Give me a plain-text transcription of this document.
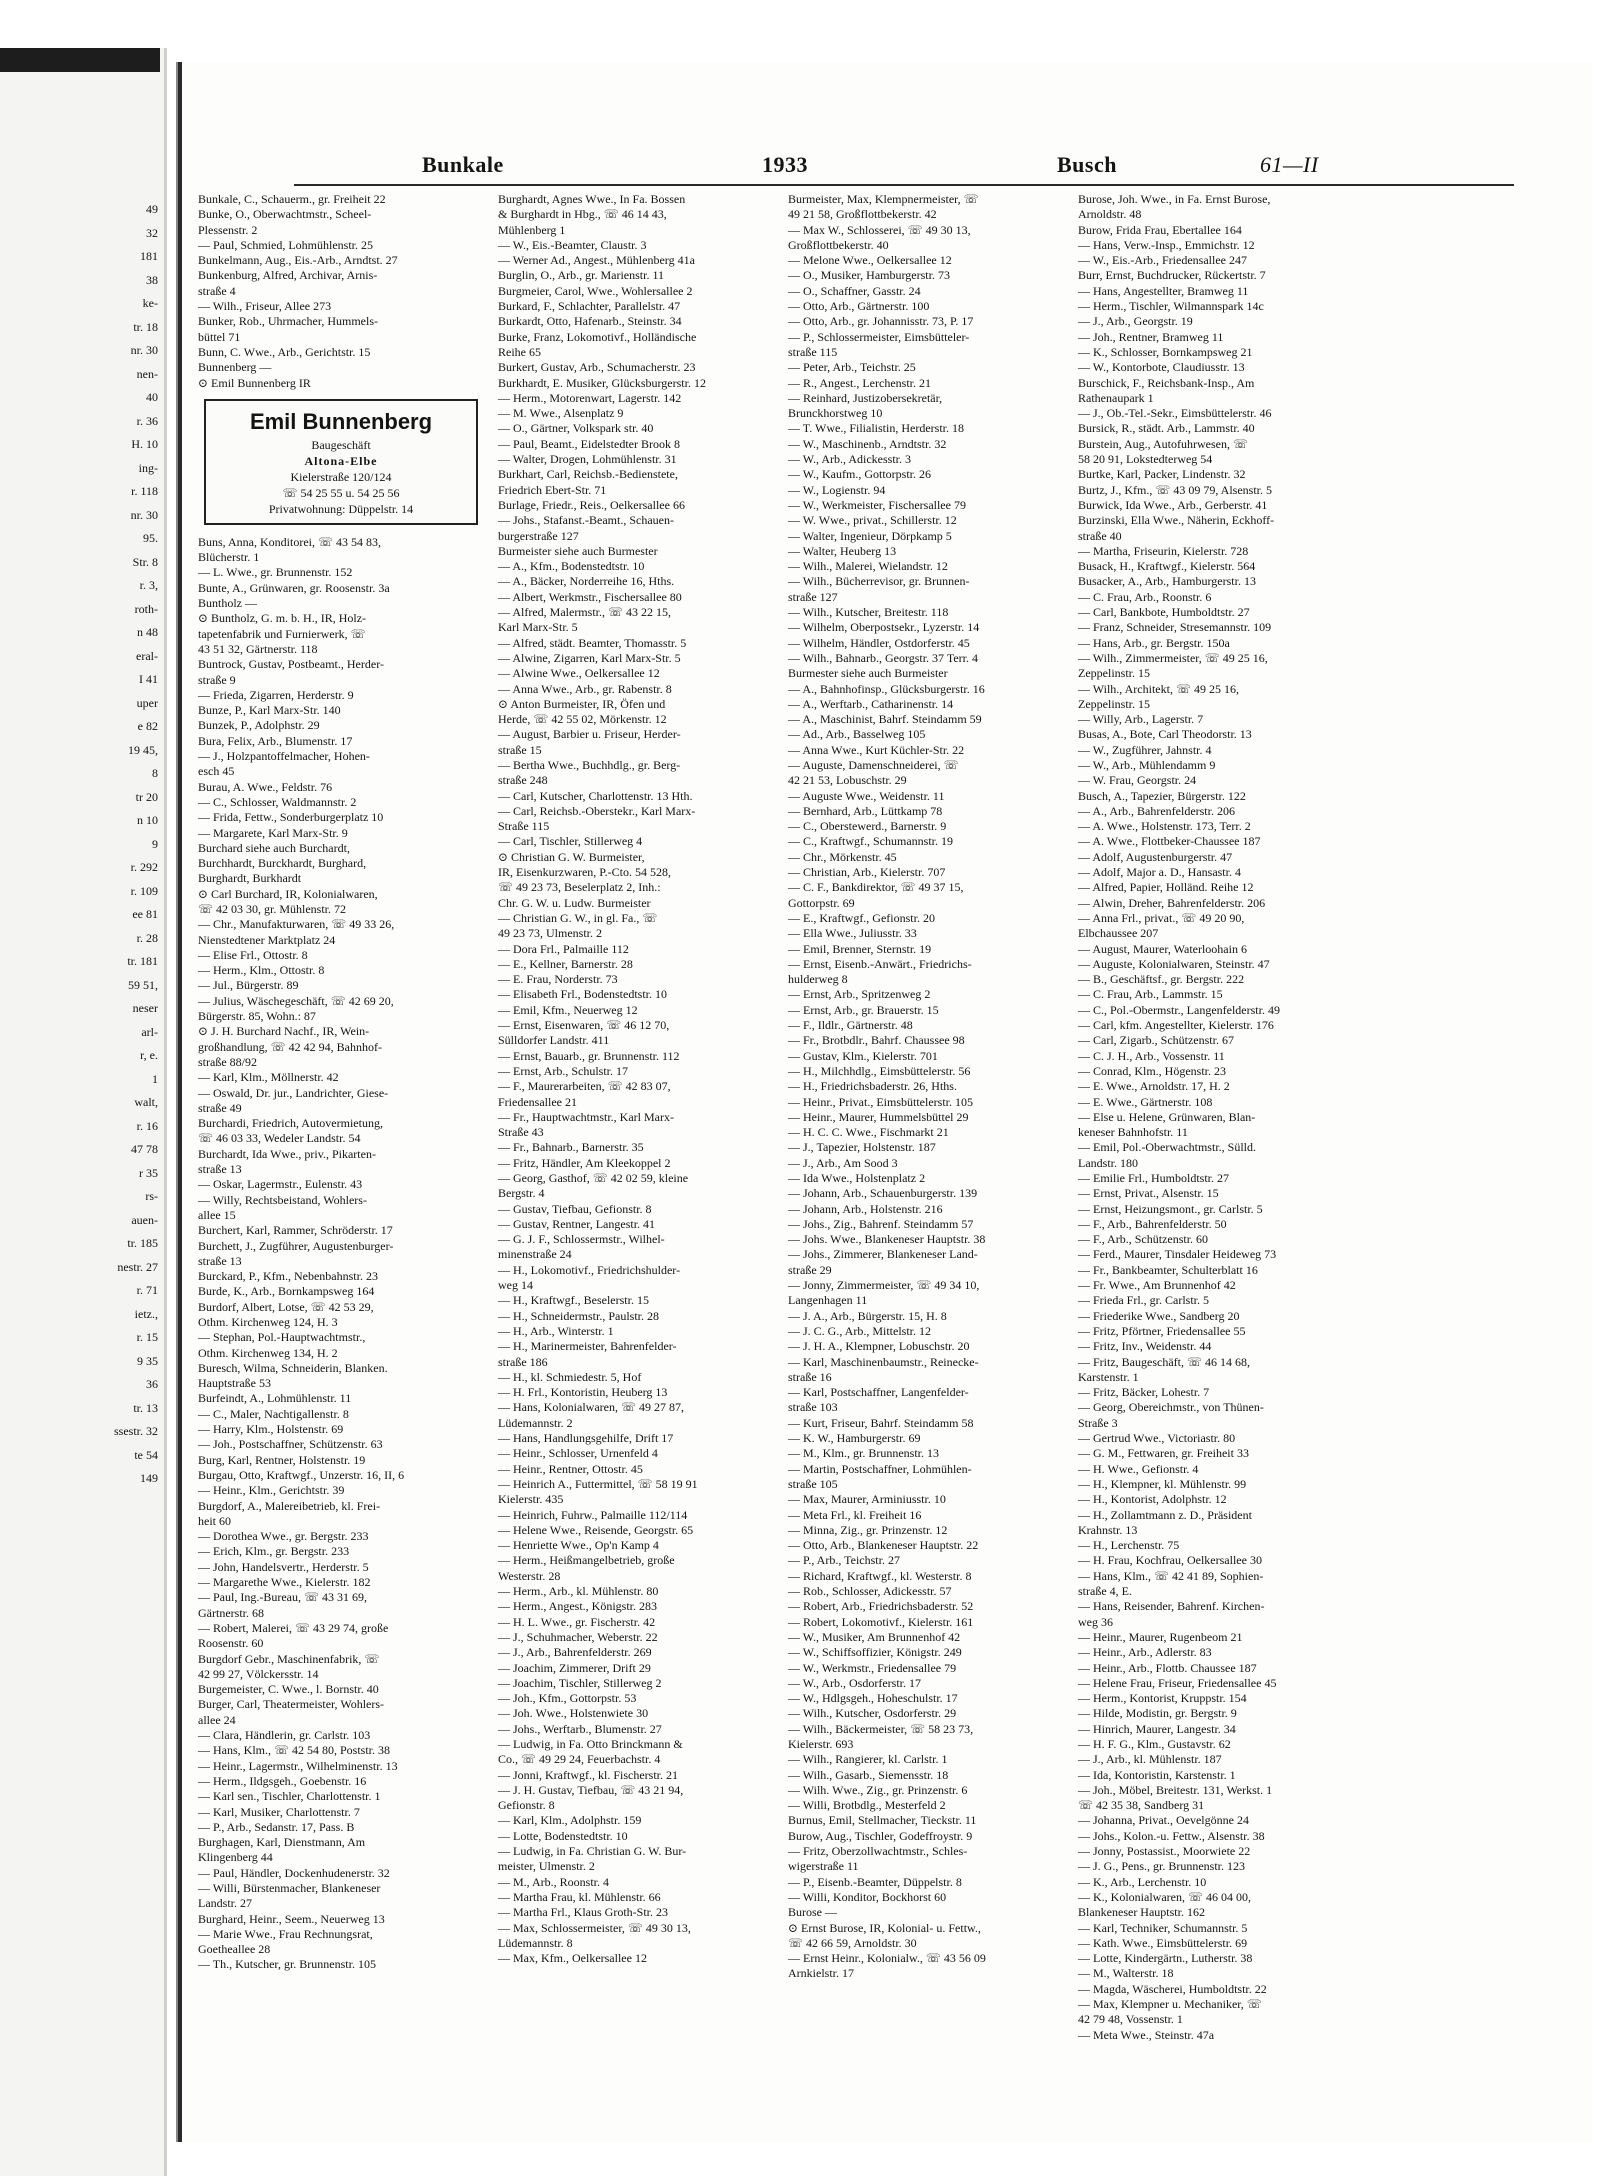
49
32
181
38
ke-
tr. 18
nr. 30
nen-
40
r. 36
H. 10
ing-
r. 118
nr. 30
95.
Str. 8
r. 3,
roth-
n 48
eral-
I 41
uper
e 82
19 45,
8
tr 20
n 10
9
r. 292
r. 109
ee 81
r. 28
tr. 181
59 51,
neser
arl-
r, e.
1
walt,
r. 16
47 78
r 35
rs-
auen-
tr. 185
nestr. 27
r. 71
ietz.,
r. 15
9 35
36
tr. 13
ssestr. 32
te 54
149
Bunkale	1933	Busch	61—II
Bunkale, C., Schauerm., gr. Freiheit 22
Bunke, O., Oberwachtmstr., Scheel-
Plessenstr. 2
— Paul, Schmied, Lohmühlenstr. 25
Bunkelmann, Aug., Eis.-Arb., Arndtst. 27
Bunkenburg, Alfred, Archivar, Arnis-
straße 4
— Wilh., Friseur, Allee 273
Bunker, Rob., Uhrmacher, Hummels-
büttel 71
Bunn, C. Wwe., Arb., Gerichtstr. 15
Bunnenberg —
⊙ Emil Bunnenberg IR
Emil Bunnenberg
Baugeschäft
Altona-Elbe
Kielerstraße 120/124
☏ 54 25 55 u. 54 25 56
Privatwohnung: Düppelstr. 14
Buns, Anna, Konditorei, ☏ 43 54 83,
Blücherstr. 1
— L. Wwe., gr. Brunnenstr. 152
Bunte, A., Grünwaren, gr. Roosenstr. 3a
Buntholz —
⊙ Buntholz, G. m. b. H., IR, Holz-
tapetenfabrik und Furnierwerk, ☏
43 51 32, Gärtnerstr. 118
Buntrock, Gustav, Postbeamt., Herder-
straße 9
— Frieda, Zigarren, Herderstr. 9
Bunze, P., Karl Marx-Str. 140
Bunzek, P., Adolphstr. 29
Bura, Felix, Arb., Blumenstr. 17
— J., Holzpantoffelmacher, Hohen-
esch 45
Burau, A. Wwe., Feldstr. 76
— C., Schlosser, Waldmannstr. 2
— Frida, Fettw., Sonderburgerplatz 10
— Margarete, Karl Marx-Str. 9
Burchard siehe auch Burchardt,
Burchhardt, Burckhardt, Burghard,
Burghardt, Burkhardt
⊙ Carl Burchard, IR, Kolonialwaren,
☏ 42 03 30, gr. Mühlenstr. 72
— Chr., Manufakturwaren, ☏ 49 33 26,
Nienstedtener Marktplatz 24
— Elise Frl., Ottostr. 8
— Herm., Klm., Ottostr. 8
— Jul., Bürgerstr. 89
— Julius, Wäschegeschäft, ☏ 42 69 20,
Bürgerstr. 85, Wohn.: 87
⊙ J. H. Burchard Nachf., IR, Wein-
großhandlung, ☏ 42 42 94, Bahnhof-
straße 88/92
— Karl, Klm., Möllnerstr. 42
— Oswald, Dr. jur., Landrichter, Giese-
straße 49
Burchardi, Friedrich, Autovermietung,
☏ 46 03 33, Wedeler Landstr. 54
Burchardt, Ida Wwe., priv., Pikarten-
straße 13
— Oskar, Lagermstr., Eulenstr. 43
— Willy, Rechtsbeistand, Wohlers-
allee 15
Burchert, Karl, Rammer, Schröderstr. 17
Burchett, J., Zugführer, Augustenburger-
straße 13
Burckard, P., Kfm., Nebenbahnstr. 23
Burde, K., Arb., Bornkampsweg 164
Burdorf, Albert, Lotse, ☏ 42 53 29,
Othm. Kirchenweg 124, H. 3
— Stephan, Pol.-Hauptwachtmstr.,
Othm. Kirchenweg 134, H. 2
Buresch, Wilma, Schneiderin, Blanken.
Hauptstraße 53
Burfeindt, A., Lohmühlenstr. 11
— C., Maler, Nachtigallenstr. 8
— Harry, Klm., Holstenstr. 69
— Joh., Postschaffner, Schützenstr. 63
Burg, Karl, Rentner, Holstenstr. 19
Burgau, Otto, Kraftwgf., Unzerstr. 16, II, 6
— Heinr., Klm., Gerichtstr. 39
Burgdorf, A., Malereibetrieb, kl. Frei-
heit 60
— Dorothea Wwe., gr. Bergstr. 233
— Erich, Klm., gr. Bergstr. 233
— John, Handelsvertr., Herderstr. 5
— Margarethe Wwe., Kielerstr. 182
— Paul, Ing.-Bureau, ☏ 43 31 69,
Gärtnerstr. 68
— Robert, Malerei, ☏ 43 29 74, große
Roosenstr. 60
Burgdorf Gebr., Maschinenfabrik, ☏
42 99 27, Völckersstr. 14
Burgemeister, C. Wwe., l. Bornstr. 40
Burger, Carl, Theatermeister, Wohlers-
allee 24
— Clara, Händlerin, gr. Carlstr. 103
— Hans, Klm., ☏ 42 54 80, Poststr. 38
— Heinr., Lagermstr., Wilhelminenstr. 13
— Herm., Ildgsgeh., Goebenstr. 16
— Karl sen., Tischler, Charlottenstr. 1
— Karl, Musiker, Charlottenstr. 7
— P., Arb., Sedanstr. 17, Pass. B
Burghagen, Karl, Dienstmann, Am
Klingenberg 44
— Paul, Händler, Dockenhudenerstr. 32
— Willi, Bürstenmacher, Blankeneser
Landstr. 27
Burghard, Heinr., Seem., Neuerweg 13
— Marie Wwe., Frau Rechnungsrat,
Goetheallee 28
— Th., Kutscher, gr. Brunnenstr. 105
Burghardt, Agnes Wwe., In Fa. Bossen
& Burghardt in Hbg., ☏ 46 14 43,
Mühlenberg 1
— W., Eis.-Beamter, Claustr. 3
— Werner Ad., Angest., Mühlenberg 41a
Burglin, O., Arb., gr. Marienstr. 11
Burgmeier, Carol, Wwe., Wohlersallee 2
Burkard, F., Schlachter, Parallelstr. 47
Burkardt, Otto, Hafenarb., Steinstr. 34
Burke, Franz, Lokomotivf., Holländische
Reihe 65
Burkert, Gustav, Arb., Schumacherstr. 23
Burkhardt, E. Musiker, Glücksburgerstr. 12
— Herm., Motorenwart, Lagerstr. 142
— M. Wwe., Alsenplatz 9
— O., Gärtner, Volkspark str. 40
— Paul, Beamt., Eidelstedter Brook 8
— Walter, Drogen, Lohmühlenstr. 31
Burkhart, Carl, Reichsb.-Bedienstete,
Friedrich Ebert-Str. 71
Burlage, Friedr., Reis., Oelkersallee 66
— Johs., Stafanst.-Beamt., Schauen-
burgerstraße 127
Burmeister siehe auch Burmester
— A., Kfm., Bodenstedtstr. 10
— A., Bäcker, Norderreihe 16, Hths.
— Albert, Werkmstr., Fischersallee 80
— Alfred, Malermstr., ☏ 43 22 15,
Karl Marx-Str. 5
— Alfred, städt. Beamter, Thomasstr. 5
— Alwine, Zigarren, Karl Marx-Str. 5
— Alwine Wwe., Oelkersallee 12
— Anna Wwe., Arb., gr. Rabenstr. 8
⊙ Anton Burmeister, IR, Öfen und
Herde, ☏ 42 55 02, Mörkenstr. 12
— August, Barbier u. Friseur, Herder-
straße 15
— Bertha Wwe., Buchhdlg., gr. Berg-
straße 248
— Carl, Kutscher, Charlottenstr. 13 Hth.
— Carl, Reichsb.-Oberstekr., Karl Marx-
Straße 115
— Carl, Tischler, Stillerweg 4
⊙ Christian G. W. Burmeister,
IR, Eisenkurzwaren, P.-Cto. 54 528,
☏ 49 23 73, Beselerplatz 2, Inh.:
Chr. G. W. u. Ludw. Burmeister
— Christian G. W., in gl. Fa., ☏
49 23 73, Ulmenstr. 2
— Dora Frl., Palmaille 112
— E., Kellner, Barnerstr. 28
— E. Frau, Norderstr. 73
— Elisabeth Frl., Bodenstedtstr. 10
— Emil, Kfm., Neuerweg 12
— Ernst, Eisenwaren, ☏ 46 12 70,
Sülldorfer Landstr. 411
— Ernst, Bauarb., gr. Brunnenstr. 112
— Ernst, Arb., Schulstr. 17
— F., Maurerarbeiten, ☏ 42 83 07,
Friedensallee 21
— Fr., Hauptwachtmstr., Karl Marx-
Straße 43
— Fr., Bahnarb., Barnerstr. 35
— Fritz, Händler, Am Kleekoppel 2
— Georg, Gasthof, ☏ 42 02 59, kleine
Bergstr. 4
— Gustav, Tiefbau, Gefionstr. 8
— Gustav, Rentner, Langestr. 41
— G. J. F., Schlossermstr., Wilhel-
minenstraße 24
— H., Lokomotivf., Friedrichshulder-
weg 14
— H., Kraftwgf., Beselerstr. 15
— H., Schneidermstr., Paulstr. 28
— H., Arb., Winterstr. 1
— H., Marinermeister, Bahrenfelder-
straße 186
— H., kl. Schmiedestr. 5, Hof
— H. Frl., Kontoristin, Heuberg 13
— Hans, Kolonialwaren, ☏ 49 27 87,
Lüdemannstr. 2
— Hans, Handlungsgehilfe, Drift 17
— Heinr., Schlosser, Urnenfeld 4
— Heinr., Rentner, Ottostr. 45
— Heinrich A., Futtermittel, ☏ 58 19 91
Kielerstr. 435
— Heinrich, Fuhrw., Palmaille 112/114
— Helene Wwe., Reisende, Georgstr. 65
— Henriette Wwe., Op'n Kamp 4
— Herm., Heißmangelbetrieb, große
Westerstr. 28
— Herm., Arb., kl. Mühlenstr. 80
— Herm., Angest., Königstr. 283
— H. L. Wwe., gr. Fischerstr. 42
— J., Schuhmacher, Weberstr. 22
— J., Arb., Bahrenfelderstr. 269
— Joachim, Zimmerer, Drift 29
— Joachim, Tischler, Stillerweg 2
— Joh., Kfm., Gottorpstr. 53
— Joh. Wwe., Holstenwiete 30
— Johs., Werftarb., Blumenstr. 27
— Ludwig, in Fa. Otto Brinckmann &
Co., ☏ 49 29 24, Feuerbachstr. 4
— Jonni, Kraftwgf., kl. Fischerstr. 21
— J. H. Gustav, Tiefbau, ☏ 43 21 94,
Gefionstr. 8
— Karl, Klm., Adolphstr. 159
— Lotte, Bodenstedtstr. 10
— Ludwig, in Fa. Christian G. W. Bur-
meister, Ulmenstr. 2
— M., Arb., Roonstr. 4
— Martha Frau, kl. Mühlenstr. 66
— Martha Frl., Klaus Groth-Str. 23
— Max, Schlossermeister, ☏ 49 30 13,
Lüdemannstr. 8
— Max, Kfm., Oelkersallee 12
Burmeister, Max, Klempnermeister, ☏
49 21 58, Großflottbekerstr. 42
— Max W., Schlosserei, ☏ 49 30 13,
Großflottbekerstr. 40
— Melone Wwe., Oelkersallee 12
— O., Musiker, Hamburgerstr. 73
— O., Schaffner, Gasstr. 24
— Otto, Arb., Gärtnerstr. 100
— Otto, Arb., gr. Johannisstr. 73, P. 17
— P., Schlossermeister, Eimsbütteler-
straße 115
— Peter, Arb., Teichstr. 25
— R., Angest., Lerchenstr. 21
— Reinhard, Justizobersekretär,
Brunckhorstweg 10
— T. Wwe., Filialistin, Herderstr. 18
— W., Maschinenb., Arndtstr. 32
— W., Arb., Adickesstr. 3
— W., Kaufm., Gottorpstr. 26
— W., Logienstr. 94
— W., Werkmeister, Fischersallee 79
— W. Wwe., privat., Schillerstr. 12
— Walter, Ingenieur, Dörpkamp 5
— Walter, Heuberg 13
— Wilh., Malerei, Wielandstr. 12
— Wilh., Bücherrevisor, gr. Brunnen-
straße 127
— Wilh., Kutscher, Breitestr. 118
— Wilhelm, Oberpostsekr., Lyzerstr. 14
— Wilhelm, Händler, Ostdorferstr. 45
— Wilh., Bahnarb., Georgstr. 37 Terr. 4
Burmester siehe auch Burmeister
— A., Bahnhofinsp., Glücksburgerstr. 16
— A., Werftarb., Catharinenstr. 14
— A., Maschinist, Bahrf. Steindamm 59
— Ad., Arb., Basselweg 105
— Anna Wwe., Kurt Küchler-Str. 22
— Auguste, Damenschneiderei, ☏
42 21 53, Lobuschstr. 29
— Auguste Wwe., Weidenstr. 11
— Bernhard, Arb., Lüttkamp 78
— C., Oberstewerd., Barnerstr. 9
— C., Kraftwgf., Schumannstr. 19
— Chr., Mörkenstr. 45
— Christian, Arb., Kielerstr. 707
— C. F., Bankdirektor, ☏ 49 37 15,
Gottorpstr. 69
— E., Kraftwgf., Gefionstr. 20
— Ella Wwe., Juliusstr. 33
— Emil, Brenner, Sternstr. 19
— Ernst, Eisenb.-Anwärt., Friedrichs-
hulderweg 8
— Ernst, Arb., Spritzenweg 2
— Ernst, Arb., gr. Brauerstr. 15
— F., Ildlr., Gärtnerstr. 48
— Fr., Brotbdlr., Bahrf. Chaussee 98
— Gustav, Klm., Kielerstr. 701
— H., Milchhdlg., Eimsbüttelerstr. 56
— H., Friedrichsbaderstr. 26, Hths.
— Heinr., Privat., Eimsbüttelerstr. 105
— Heinr., Maurer, Hummelsbüttel 29
— H. C. C. Wwe., Fischmarkt 21
— J., Tapezier, Holstenstr. 187
— J., Arb., Am Sood 3
— Ida Wwe., Holstenplatz 2
— Johann, Arb., Schauenburgerstr. 139
— Johann, Arb., Holstenstr. 216
— Johs., Zig., Bahrenf. Steindamm 57
— Johs. Wwe., Blankeneser Hauptstr. 38
— Johs., Zimmerer, Blankeneser Land-
straße 29
— Jonny, Zimmermeister, ☏ 49 34 10,
Langenhagen 11
— J. A., Arb., Bürgerstr. 15, H. 8
— J. C. G., Arb., Mittelstr. 12
— J. H. A., Klempner, Lobuschstr. 20
— Karl, Maschinenbaumstr., Reinecke-
straße 16
— Karl, Postschaffner, Langenfelder-
straße 103
— Kurt, Friseur, Bahrf. Steindamm 58
— K. W., Hamburgerstr. 69
— M., Klm., gr. Brunnenstr. 13
— Martin, Postschaffner, Lohmühlen-
straße 105
— Max, Maurer, Arminiusstr. 10
— Meta Frl., kl. Freiheit 16
— Minna, Zig., gr. Prinzenstr. 12
— Otto, Arb., Blankeneser Hauptstr. 22
— P., Arb., Teichstr. 27
— Richard, Kraftwgf., kl. Westerstr. 8
— Rob., Schlosser, Adickesstr. 57
— Robert, Arb., Friedrichsbaderstr. 52
— Robert, Lokomotivf., Kielerstr. 161
— W., Musiker, Am Brunnenhof 42
— W., Schiffsoffizier, Königstr. 249
— W., Werkmstr., Friedensallee 79
— W., Arb., Osdorferstr. 17
— W., Hdlgsgeh., Hoheschulstr. 17
— Wilh., Kutscher, Osdorferstr. 29
— Wilh., Bäckermeister, ☏ 58 23 73,
Kielerstr. 693
— Wilh., Rangierer, kl. Carlstr. 1
— Wilh., Gasarb., Siemensstr. 18
— Wilh. Wwe., Zig., gr. Prinzenstr. 6
— Willi, Brotbdlg., Mesterfeld 2
Burnus, Emil, Stellmacher, Tieckstr. 11
Burow, Aug., Tischler, Godeffroystr. 9
— Fritz, Oberzollwachtmstr., Schles-
wigerstraße 11
— P., Eisenb.-Beamter, Düppelstr. 8
— Willi, Konditor, Bockhorst 60
Burose —
⊙ Ernst Burose, IR, Kolonial- u. Fettw.,
☏ 42 66 59, Arnoldstr. 30
— Ernst Heinr., Kolonialw., ☏ 43 56 09
Arnkielstr. 17
Burose, Joh. Wwe., in Fa. Ernst Burose,
Arnoldstr. 48
Burow, Frida Frau, Ebertallee 164
— Hans, Verw.-Insp., Emmichstr. 12
— W., Eis.-Arb., Friedensallee 247
Burr, Ernst, Buchdrucker, Rückertstr. 7
— Hans, Angestellter, Bramweg 11
— Herm., Tischler, Wilmannspark 14c
— J., Arb., Georgstr. 19
— Joh., Rentner, Bramweg 11
— K., Schlosser, Bornkampsweg 21
— W., Kontorbote, Claudiusstr. 13
Burschick, F., Reichsbank-Insp., Am
Rathenaupark 1
— J., Ob.-Tel.-Sekr., Eimsbüttelerstr. 46
Bursick, R., städt. Arb., Lammstr. 40
Burstein, Aug., Autofuhrwesen, ☏
58 20 91, Lokstedterweg 54
Burtke, Karl, Packer, Lindenstr. 32
Burtz, J., Kfm., ☏ 43 09 79, Alsenstr. 5
Burwick, Ida Wwe., Arb., Gerberstr. 41
Burzinski, Ella Wwe., Näherin, Eckhoff-
straße 40
— Martha, Friseurin, Kielerstr. 728
Busack, H., Kraftwgf., Kielerstr. 564
Busacker, A., Arb., Hamburgerstr. 13
— C. Frau, Arb., Roonstr. 6
— Carl, Bankbote, Humboldtstr. 27
— Franz, Schneider, Stresemannstr. 109
— Hans, Arb., gr. Bergstr. 150a
— Wilh., Zimmermeister, ☏ 49 25 16,
Zeppelinstr. 15
— Wilh., Architekt, ☏ 49 25 16,
Zeppelinstr. 15
— Willy, Arb., Lagerstr. 7
Busas, A., Bote, Carl Theodorstr. 13
— W., Zugführer, Jahnstr. 4
— W., Arb., Mühlendamm 9
— W. Frau, Georgstr. 24
Busch, A., Tapezier, Bürgerstr. 122
— A., Arb., Bahrenfelderstr. 206
— A. Wwe., Holstenstr. 173, Terr. 2
— A. Wwe., Flottbeker-Chaussee 187
— Adolf, Augustenburgerstr. 47
— Adolf, Major a. D., Hansastr. 4
— Alfred, Papier, Holländ. Reihe 12
— Alwin, Dreher, Bahrenfelderstr. 206
— Anna Frl., privat., ☏ 49 20 90,
Elbchaussee 207
— August, Maurer, Waterloohain 6
— Auguste, Kolonialwaren, Steinstr. 47
— B., Geschäftsf., gr. Bergstr. 222
— C. Frau, Arb., Lammstr. 15
— C., Pol.-Obermstr., Langenfelderstr. 49
— Carl, kfm. Angestellter, Kielerstr. 176
— Carl, Zigarb., Schützenstr. 67
— C. J. H., Arb., Vossenstr. 11
— Conrad, Klm., Högenstr. 23
— E. Wwe., Arnoldstr. 17, H. 2
— E. Wwe., Gärtnerstr. 108
— Else u. Helene, Grünwaren, Blan-
keneser Bahnhofstr. 11
— Emil, Pol.-Oberwachtmstr., Sülld.
Landstr. 180
— Emilie Frl., Humboldtstr. 27
— Ernst, Privat., Alsenstr. 15
— Ernst, Heizungsmont., gr. Carlstr. 5
— F., Arb., Bahrenfelderstr. 50
— F., Arb., Schützenstr. 60
— Ferd., Maurer, Tinsdaler Heideweg 73
— Fr., Bankbeamter, Schulterblatt 16
— Fr. Wwe., Am Brunnenhof 42
— Frieda Frl., gr. Carlstr. 5
— Friederike Wwe., Sandberg 20
— Fritz, Pförtner, Friedensallee 55
— Fritz, Inv., Weidenstr. 44
— Fritz, Baugeschäft, ☏ 46 14 68,
Karstenstr. 1
— Fritz, Bäcker, Lohestr. 7
— Georg, Obereichmstr., von Thünen-
Straße 3
— Gertrud Wwe., Victoriastr. 80
— G. M., Fettwaren, gr. Freiheit 33
— H. Wwe., Gefionstr. 4
— H., Klempner, kl. Mühlenstr. 99
— H., Kontorist, Adolphstr. 12
— H., Zollamtmann z. D., Präsident
Krahnstr. 13
— H., Lerchenstr. 75
— H. Frau, Kochfrau, Oelkersallee 30
— Hans, Klm., ☏ 42 41 89, Sophien-
straße 4, E.
— Hans, Reisender, Bahrenf. Kirchen-
weg 36
— Heinr., Maurer, Rugenbeom 21
— Heinr., Arb., Adlerstr. 83
— Heinr., Arb., Flottb. Chaussee 187
— Helene Frau, Friseur, Friedensallee 45
— Herm., Kontorist, Kruppstr. 154
— Hilde, Modistin, gr. Bergstr. 9
— Hinrich, Maurer, Langestr. 34
— H. F. G., Klm., Gustavstr. 62
— J., Arb., kl. Mühlenstr. 187
— Ida, Kontoristin, Karstenstr. 1
— Joh., Möbel, Breitestr. 131, Werkst. 1
☏ 42 35 38, Sandberg 31
— Johanna, Privat., Oevelgönne 24
— Johs., Kolon.-u. Fettw., Alsenstr. 38
— Jonny, Postassist., Moorwiete 22
— J. G., Pens., gr. Brunnenstr. 123
— K., Arb., Lerchenstr. 10
— K., Kolonialwaren, ☏ 46 04 00,
Blankeneser Hauptstr. 162
— Karl, Techniker, Schumannstr. 5
— Kath. Wwe., Eimsbüttelerstr. 69
— Lotte, Kindergärtn., Lutherstr. 38
— M., Walterstr. 18
— Magda, Wäscherei, Humboldtstr. 22
— Max, Klempner u. Mechaniker, ☏
42 79 48, Vossenstr. 1
— Meta Wwe., Steinstr. 47a
